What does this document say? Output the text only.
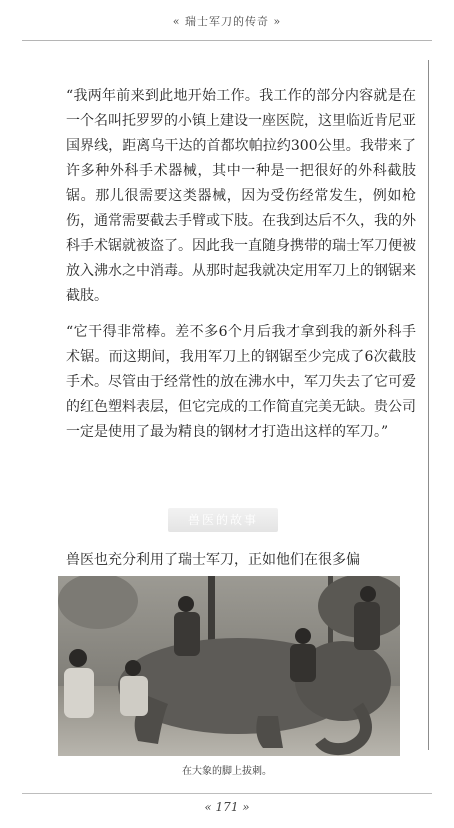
« 瑞士军刀的传奇 »

“我两年前来到此地开始工作。我工作的部分内容就是在一个名叫托罗罗的小镇上建设一座医院，这里临近肯尼亚国界线，距离乌干达的首都坎帕拉约300公里。我带来了许多种外科手术器械，其中一种是一把很好的外科截肢锯。那儿很需要这类器械，因为受伤经常发生，例如枪伤，通常需要截去手臂或下肢。在我到达后不久，我的外科手术锯就被盗了。因此我一直随身携带的瑞士军刀便被放入沸水之中消毒。从那时起我就决定用军刀上的钢锯来截肢。

“它干得非常棒。差不多6个月后我才拿到我的新外科手术锯。而这期间，我用军刀上的钢锯至少完成了6次截肢手术。尽管由于经常性的放在沸水中，军刀失去了它可爱的红色塑料表层，但它完成的工作简直完美无缺。贵公司一定是使用了最为精良的钢材才打造出这样的军刀。”

兽医的故事

兽医也充分利用了瑞士军刀，正如他们在很多偏

在大象的脚上拔刺。
« 171 »
